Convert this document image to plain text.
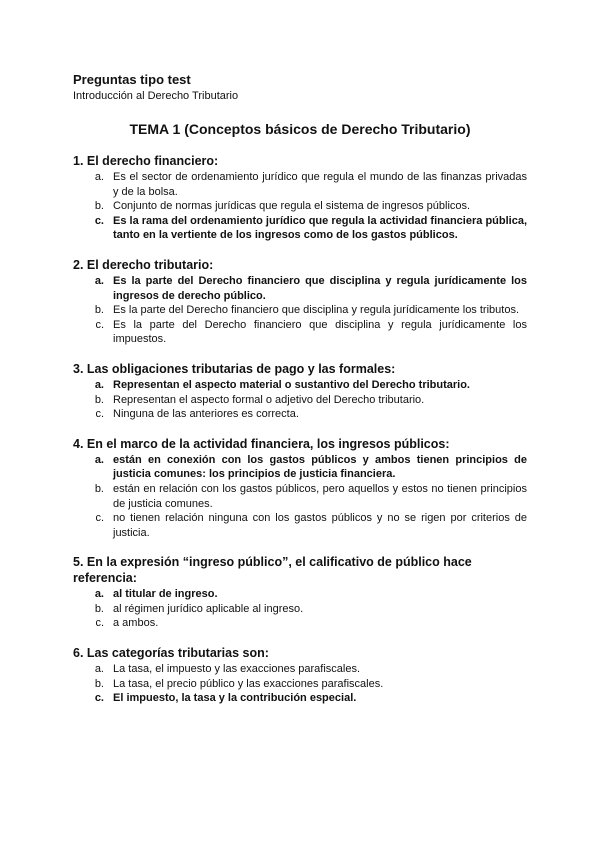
Preguntas tipo test

Introducción al Derecho Tributario

TEMA 1 (Conceptos básicos de Derecho Tributario)

1. El derecho financiero:

a. Es el sector de ordenamiento jurídico que regula el mundo de las finanzas privadas y de la bolsa.
b. Conjunto de normas jurídicas que regula el sistema de ingresos públicos.
c. Es la rama del ordenamiento jurídico que regula la actividad financiera pública, tanto en la vertiente de los ingresos como de los gastos públicos.

2. El derecho tributario:

a. Es la parte del Derecho financiero que disciplina y regula jurídicamente los ingresos de derecho público.
b. Es la parte del Derecho financiero que disciplina y regula jurídicamente los tributos.
c. Es la parte del Derecho financiero que disciplina y regula jurídicamente los impuestos.

3. Las obligaciones tributarias de pago y las formales:

a. Representan el aspecto material o sustantivo del Derecho tributario.
b. Representan el aspecto formal o adjetivo del Derecho tributario.
c. Ninguna de las anteriores es correcta.

4. En el marco de la actividad financiera, los ingresos públicos:

a. están en conexión con los gastos públicos y ambos tienen principios de justicia comunes: los principios de justicia financiera.
b. están en relación con los gastos públicos, pero aquellos y estos no tienen principios de justicia comunes.
c. no tienen relación ninguna con los gastos públicos y no se rigen por criterios de justicia.

5. En la expresión “ingreso público”, el calificativo de público hace referencia:

a. al titular de ingreso.
b. al régimen jurídico aplicable al ingreso.
c. a ambos.

6. Las categorías tributarias son:

a. La tasa, el impuesto y las exacciones parafiscales.
b. La tasa, el precio público y las exacciones parafiscales.
c. El impuesto, la tasa y la contribución especial.
